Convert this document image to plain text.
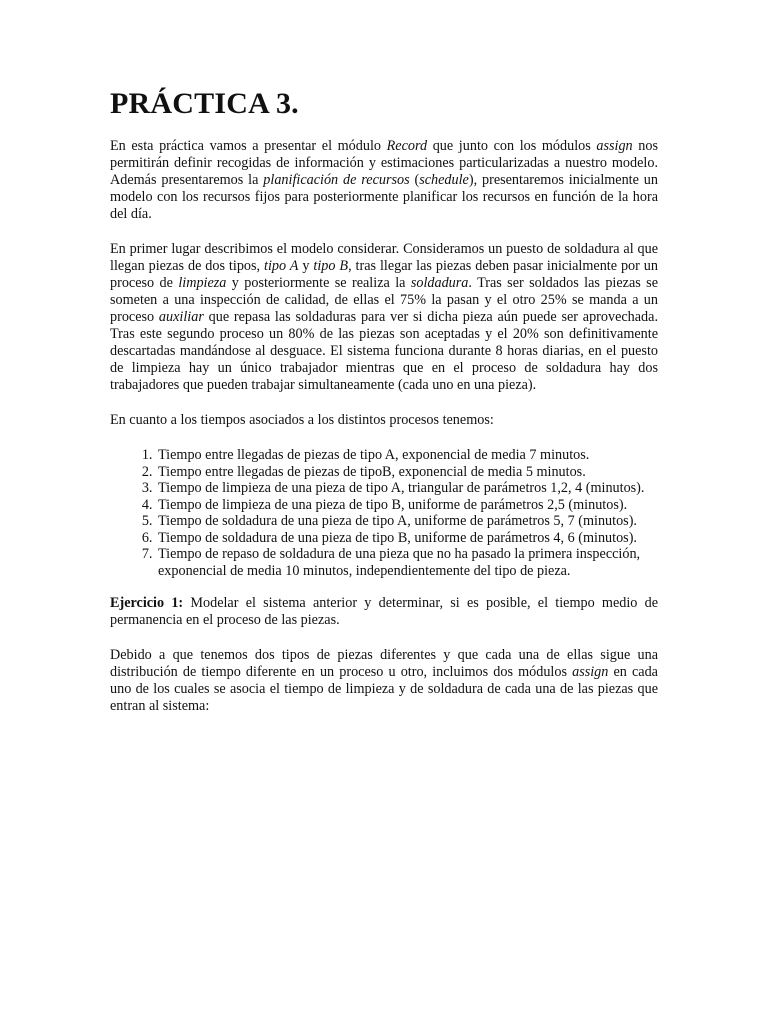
PRÁCTICA 3.

En esta práctica vamos a presentar el módulo Record que junto con los módulos assign nos permitirán definir recogidas de información y estimaciones particularizadas a nuestro modelo. Además presentaremos la planificación de recursos (schedule), presentaremos inicialmente un modelo con los recursos fijos para posteriormente planificar los recursos en función de la hora del día.

En primer lugar describimos el modelo considerar. Consideramos un puesto de soldadura al que llegan piezas de dos tipos, tipo A y tipo B, tras llegar las piezas deben pasar inicialmente por un proceso de limpieza y posteriormente se realiza la soldadura. Tras ser soldados las piezas se someten a una inspección de calidad, de ellas el 75% la pasan y el otro 25% se manda a un proceso auxiliar que repasa las soldaduras para ver si dicha pieza aún puede ser aprovechada. Tras este segundo proceso un 80% de las piezas son aceptadas y el 20% son definitivamente descartadas mandándose al desguace. El sistema funciona durante 8 horas diarias, en el puesto de limpieza hay un único trabajador mientras que en el proceso de soldadura hay dos trabajadores que pueden trabajar simultaneamente (cada uno en una pieza).

En cuanto a los tiempos asociados a los distintos procesos tenemos:

1. Tiempo entre llegadas de piezas de tipo A, exponencial de media 7 minutos.
2. Tiempo entre llegadas de piezas de tipoB, exponencial de media 5 minutos.
3. Tiempo de limpieza de una pieza de tipo A, triangular de parámetros 1,2, 4 (minutos).
4. Tiempo de limpieza de una pieza de tipo B, uniforme de parámetros 2,5 (minutos).
5. Tiempo de soldadura de una pieza de tipo A, uniforme de parámetros 5, 7 (minutos).
6. Tiempo de soldadura de una pieza de tipo B, uniforme de parámetros 4, 6 (minutos).
7. Tiempo de repaso de soldadura de una pieza que no ha pasado la primera inspección, exponencial de media 10 minutos, independientemente del tipo de pieza.

Ejercicio 1: Modelar el sistema anterior y determinar, si es posible, el tiempo medio de permanencia en el proceso de las piezas.

Debido a que tenemos dos tipos de piezas diferentes y que cada una de ellas sigue una distribución de tiempo diferente en un proceso u otro, incluimos dos módulos assign en cada uno de los cuales se asocia el tiempo de limpieza y de soldadura de cada una de las piezas que entran al sistema:
